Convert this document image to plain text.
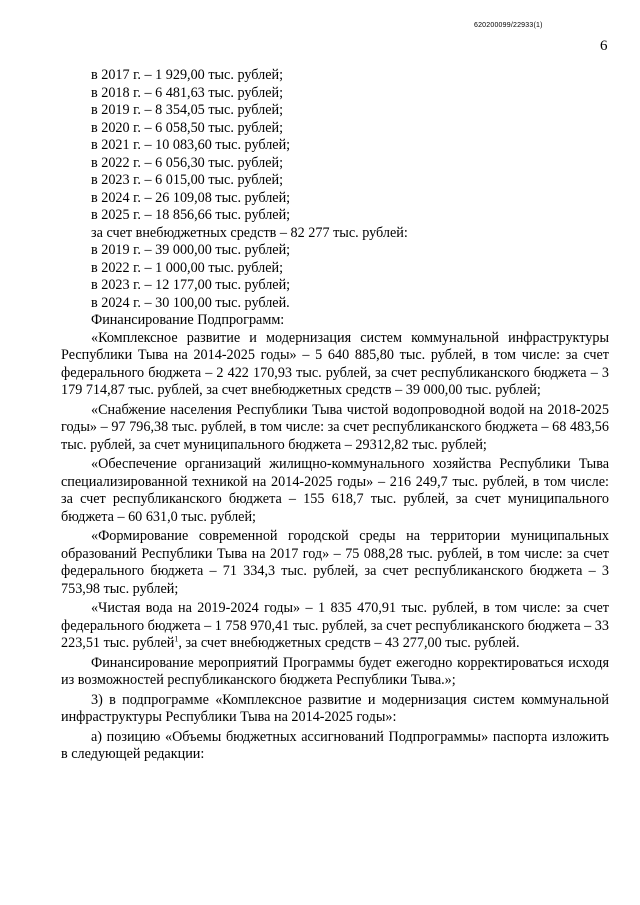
620200099/22933(1)
6
в 2017 г. – 1 929,00 тыс. рублей;
в 2018 г. – 6 481,63 тыс. рублей;
в 2019 г. – 8 354,05 тыс. рублей;
в 2020 г. – 6 058,50 тыс. рублей;
в 2021 г. – 10 083,60 тыс. рублей;
в 2022 г. – 6 056,30 тыс. рублей;
в 2023 г. – 6 015,00 тыс. рублей;
в 2024 г. – 26 109,08 тыс. рублей;
в 2025 г. – 18 856,66 тыс. рублей;
за счет внебюджетных средств – 82 277 тыс. рублей:
в 2019 г. – 39 000,00 тыс. рублей;
в 2022 г. – 1 000,00 тыс. рублей;
в 2023 г. – 12 177,00 тыс. рублей;
в 2024 г. – 30 100,00 тыс. рублей.
Финансирование Подпрограмм:

«Комплексное развитие и модернизация систем коммунальной инфраструктуры Республики Тыва на 2014-2025 годы» – 5 640 885,80 тыс. рублей, в том числе: за счет федерального бюджета – 2 422 170,93 тыс. рублей, за счет республиканского бюджета – 3 179 714,87 тыс. рублей, за счет внебюджетных средств – 39 000,00 тыс. рублей;

«Снабжение населения Республики Тыва чистой водопроводной водой на 2018-2025 годы» – 97 796,38 тыс. рублей, в том числе: за счет республиканского бюджета – 68 483,56 тыс. рублей, за счет муниципального бюджета – 29312,82 тыс. рублей;

«Обеспечение организаций жилищно-коммунального хозяйства Республики Тыва специализированной техникой на 2014-2025 годы» – 216 249,7 тыс. рублей, в том числе: за счет республиканского бюджета – 155 618,7 тыс. рублей, за счет муниципального бюджета – 60 631,0 тыс. рублей;

«Формирование современной городской среды на территории муниципальных образований Республики Тыва на 2017 год» – 75 088,28 тыс. рублей, в том числе: за счет федерального бюджета – 71 334,3 тыс. рублей, за счет республиканского бюджета – 3 753,98 тыс. рублей;

«Чистая вода на 2019-2024 годы» – 1 835 470,91 тыс. рублей, в том числе: за счет федерального бюджета – 1 758 970,41 тыс. рублей, за счет республиканского бюджета – 33 223,51 тыс. рублей$^1$, за счет внебюджетных средств – 43 277,00 тыс. рублей.

Финансирование мероприятий Программы будет ежегодно корректироваться исходя из возможностей республиканского бюджета Республики Тыва.»;

3) в подпрограмме «Комплексное развитие и модернизация систем коммунальной инфраструктуры Республики Тыва на 2014-2025 годы»:

а) позицию «Объемы бюджетных ассигнований Подпрограммы» паспорта изложить в следующей редакции:
